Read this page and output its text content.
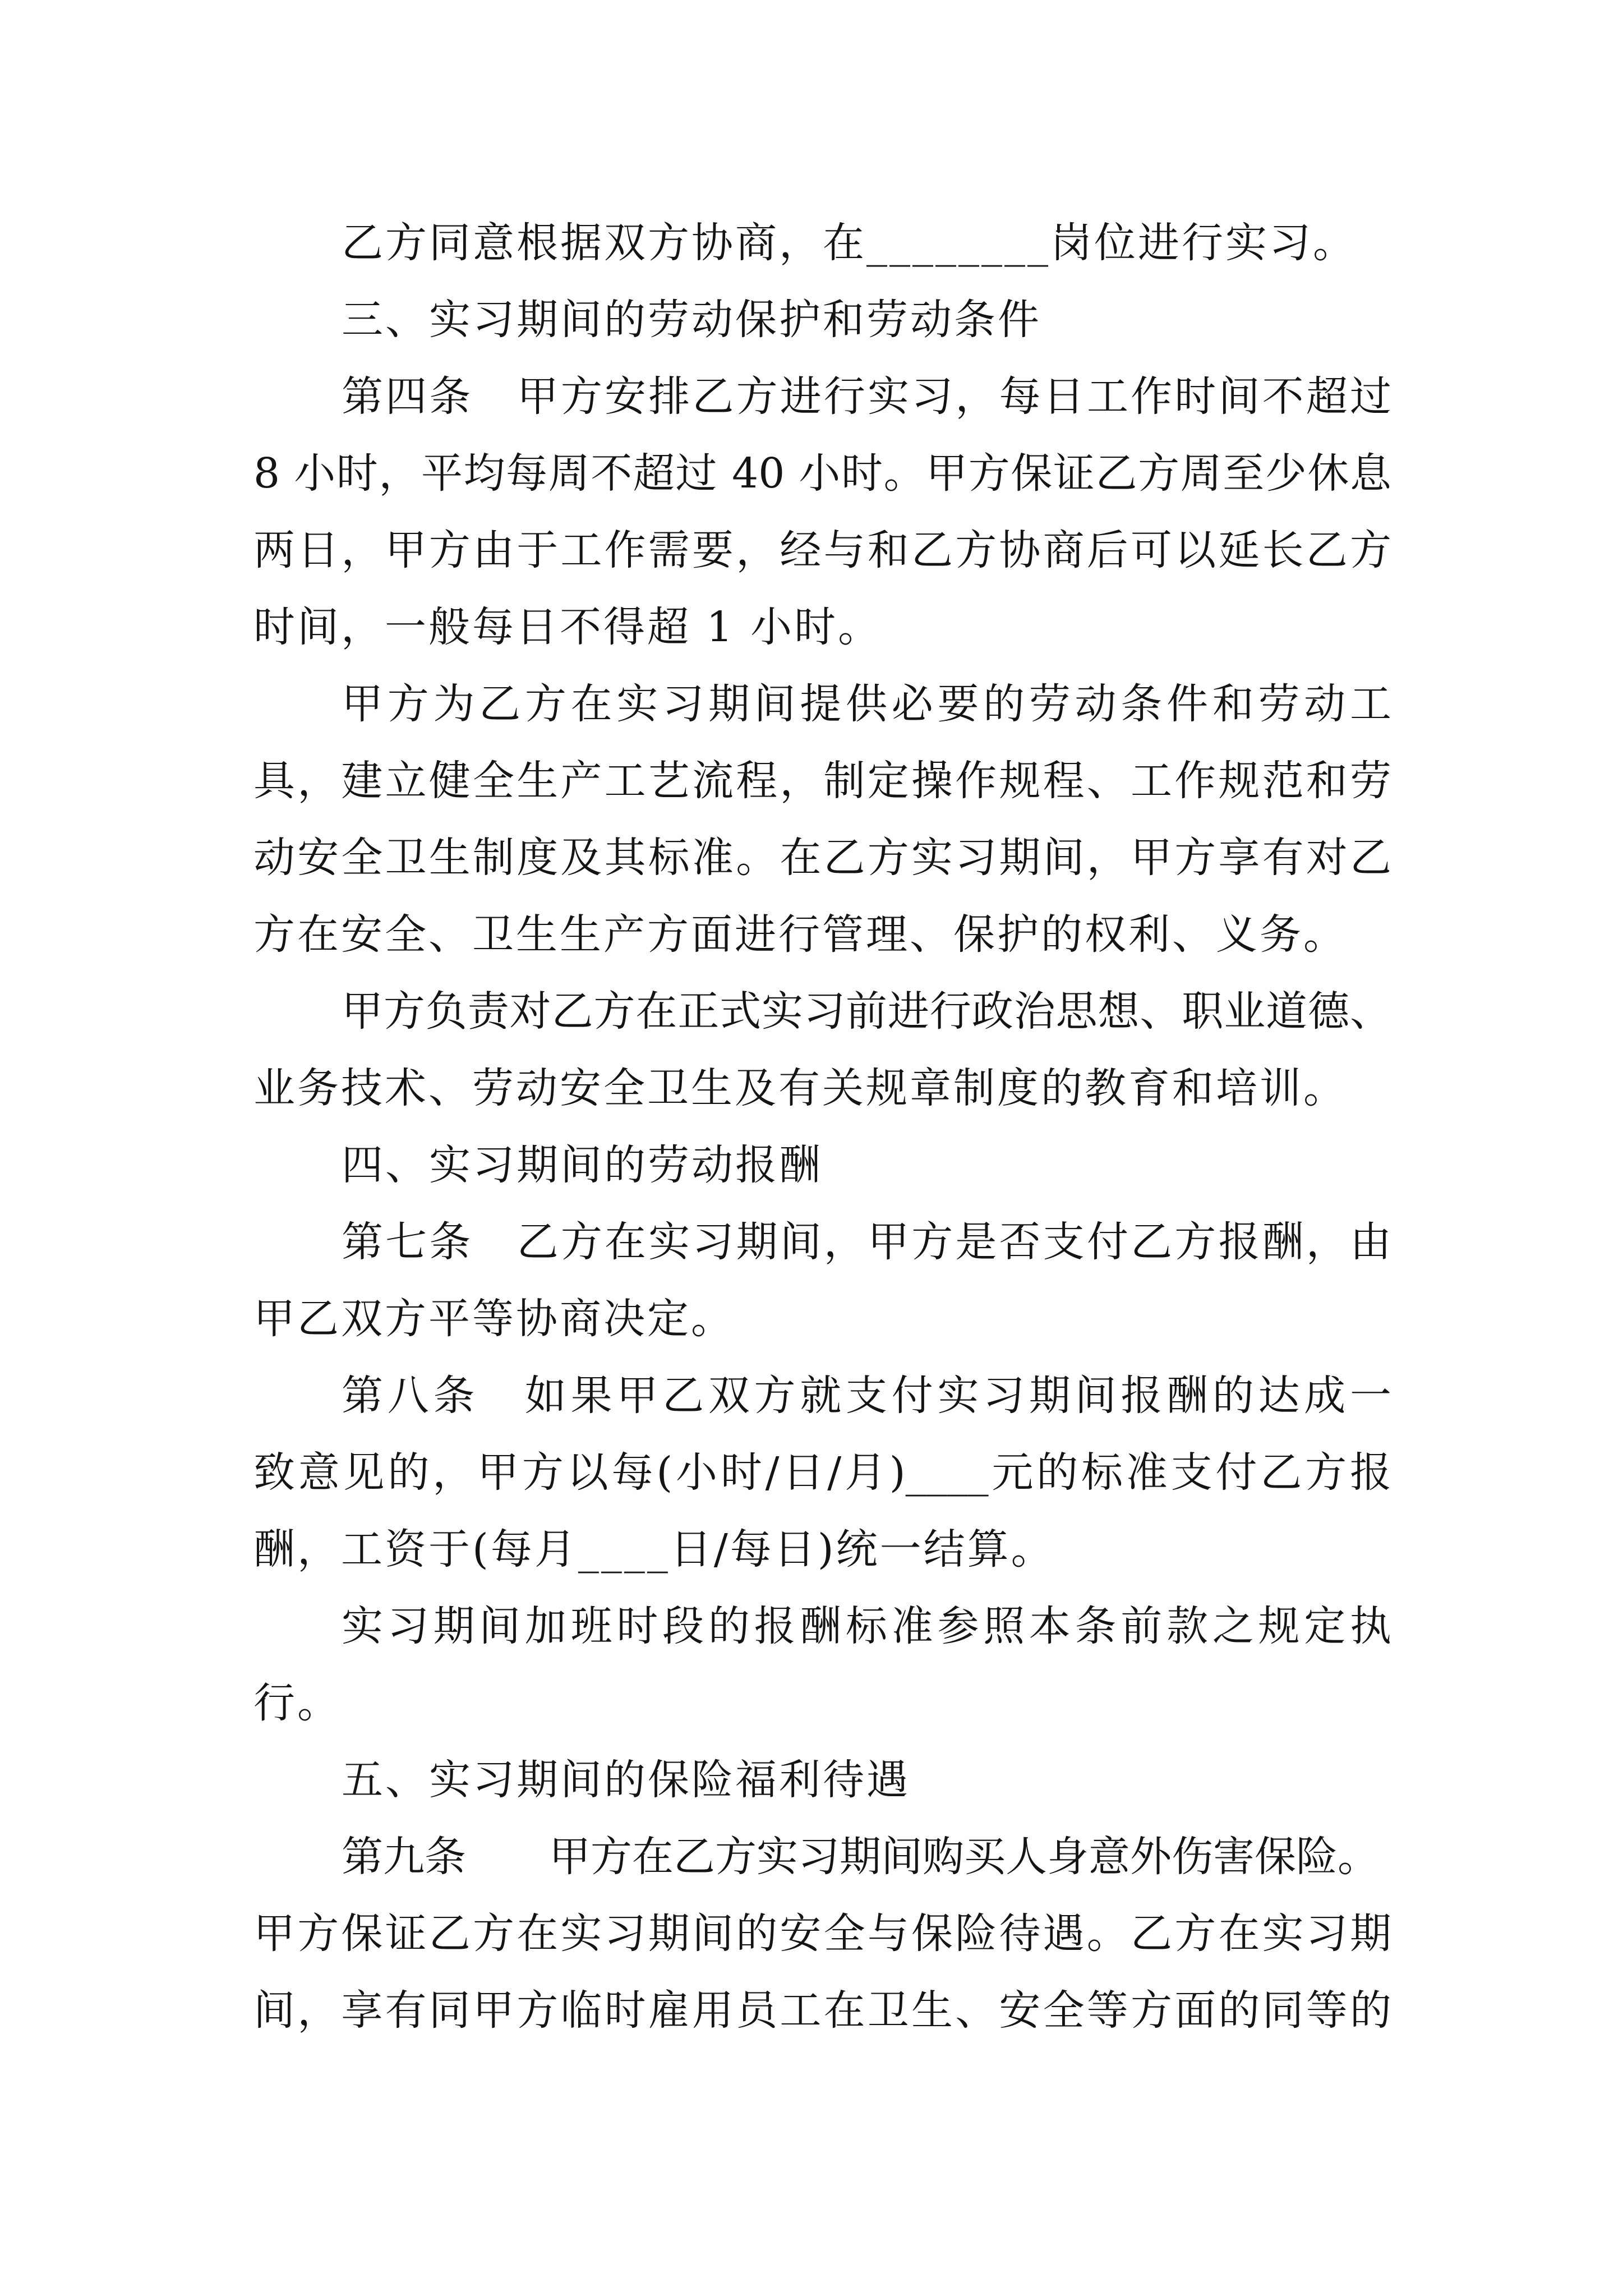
乙方同意根据双方协商，在________岗位进行实习。
三、实习期间的劳动保护和劳动条件
第四条　甲方安排乙方进行实习，每日工作时间不超过
8 小时，平均每周不超过 40 小时。甲方保证乙方周至少休息
两日，甲方由于工作需要，经与和乙方协商后可以延长乙方
时间，一般每日不得超 1 小时。
甲方为乙方在实习期间提供必要的劳动条件和劳动工
具，建立健全生产工艺流程，制定操作规程、工作规范和劳
动安全卫生制度及其标准。在乙方实习期间，甲方享有对乙
方在安全、卫生生产方面进行管理、保护的权利、义务。
甲方负责对乙方在正式实习前进行政治思想、职业道德、
业务技术、劳动安全卫生及有关规章制度的教育和培训。
四、实习期间的劳动报酬
第七条　乙方在实习期间，甲方是否支付乙方报酬，由
甲乙双方平等协商决定。
第八条　如果甲乙双方就支付实习期间报酬的达成一
致意见的，甲方以每(小时/日/月)____元的标准支付乙方报
酬，工资于(每月____日/每日)统一结算。
实习期间加班时段的报酬标准参照本条前款之规定执
行。
五、实习期间的保险福利待遇
第九条　　甲方在乙方实习期间购买人身意外伤害保险。
甲方保证乙方在实习期间的安全与保险待遇。乙方在实习期
间，享有同甲方临时雇用员工在卫生、安全等方面的同等的
